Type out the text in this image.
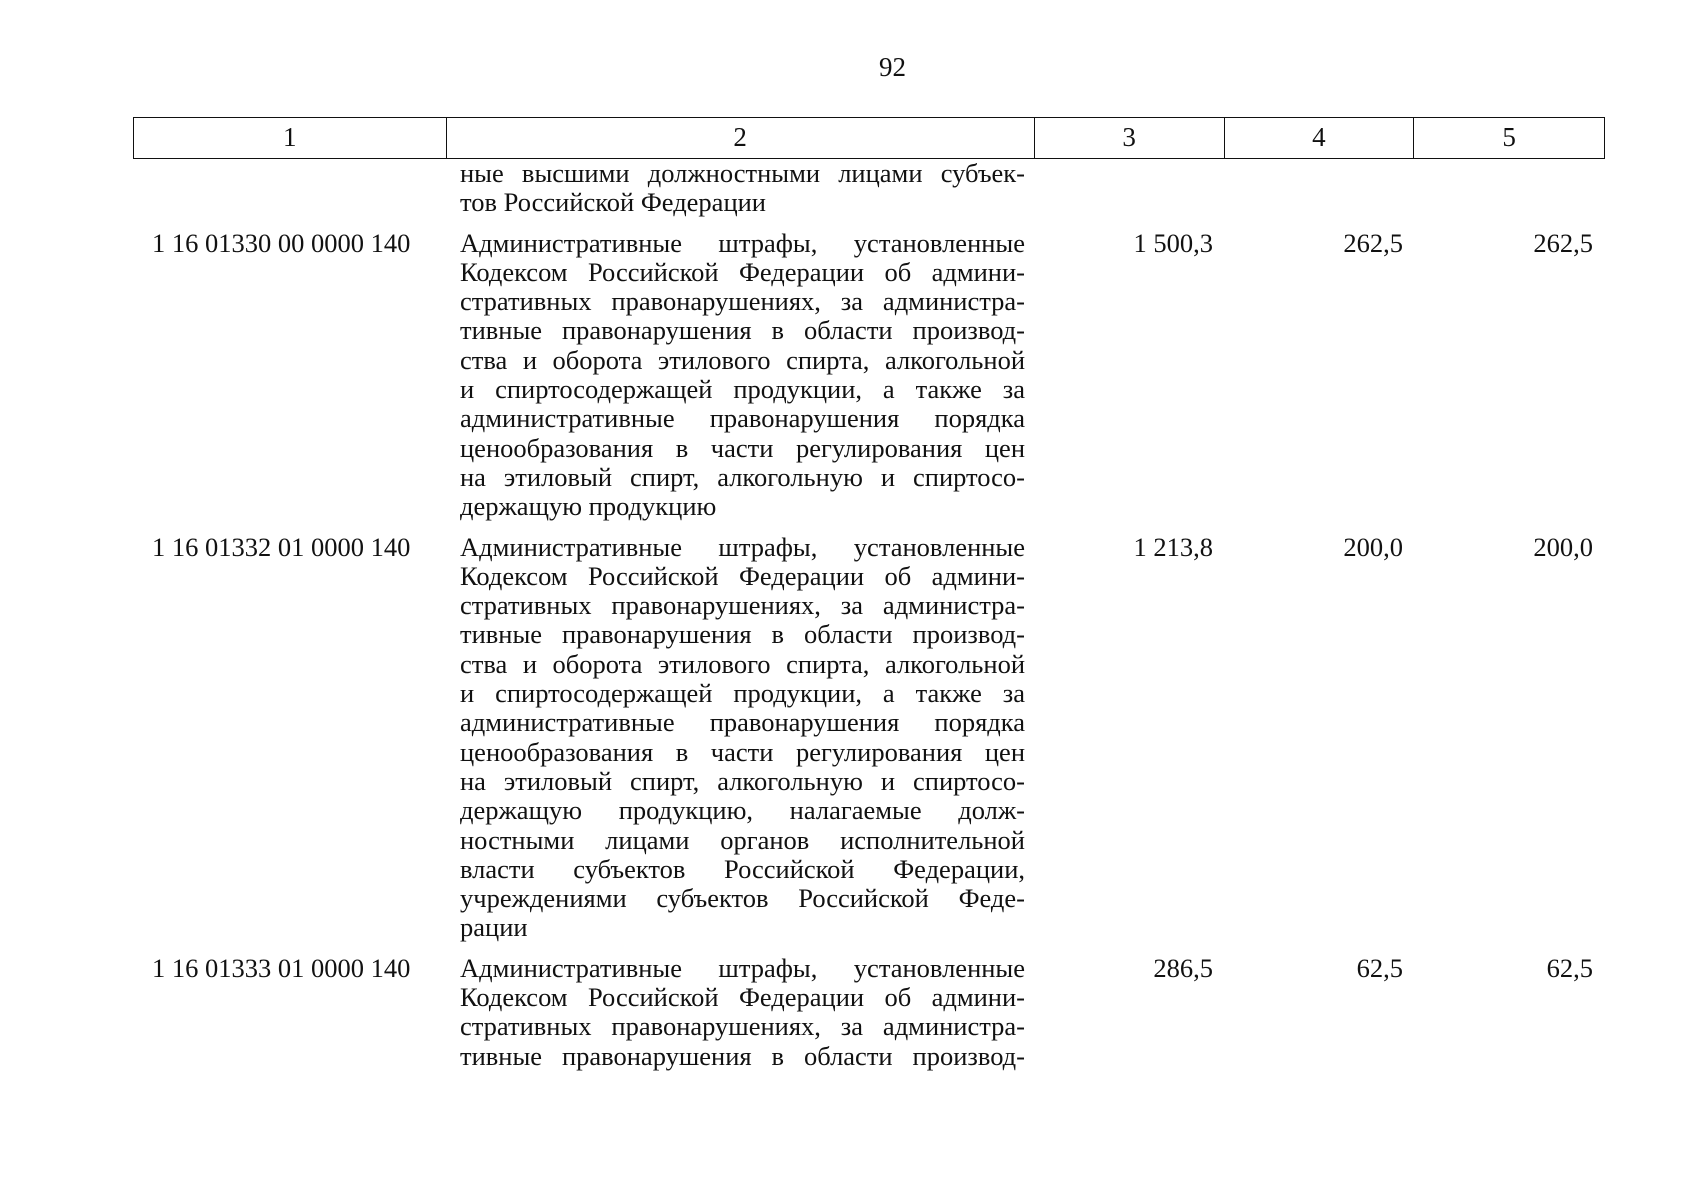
92
1	2	3	4	5
ные высшими должностными лицами субъек-
тов Российской Федерации
1 16 01330 00 0000 140	Административные штрафы, установленные
Кодексом Российской Федерации об админи-
стративных правонарушениях, за администра-
тивные правонарушения в области производ-
ства и оборота этилового спирта, алкогольной
и спиртосодержащей продукции, а также за
административные правонарушения порядка
ценообразования в части регулирования цен
на этиловый спирт, алкогольную и спиртосо-
держащую продукцию
1 500,3	262,5	262,5
1 16 01332 01 0000 140	Административные штрафы, установленные
Кодексом Российской Федерации об админи-
стративных правонарушениях, за администра-
тивные правонарушения в области производ-
ства и оборота этилового спирта, алкогольной
и спиртосодержащей продукции, а также за
административные правонарушения порядка
ценообразования в части регулирования цен
на этиловый спирт, алкогольную и спиртосо-
держащую продукцию, налагаемые долж-
ностными лицами органов исполнительной
власти субъектов Российской Федерации,
учреждениями субъектов Российской Феде-
рации
1 213,8	200,0	200,0
1 16 01333 01 0000 140	Административные штрафы, установленные
Кодексом Российской Федерации об админи-
стративных правонарушениях, за администра-
тивные правонарушения в области производ-
286,5	62,5	62,5
